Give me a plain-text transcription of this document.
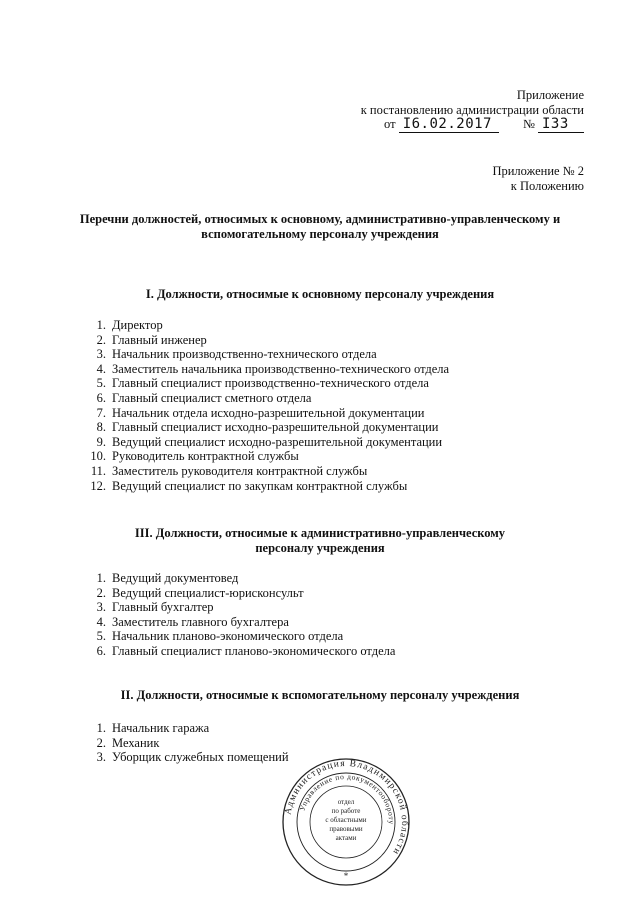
Приложение
к постановлению администрации области
от I6.02.2017 № I33
Приложение № 2
к Положению
Перечни должностей, относимых к основному, административно-управленческому и
вспомогательному персоналу учреждения
I. Должности, относимые к основному персоналу учреждения
1. Директор
2. Главный инженер
3. Начальник производственно-технического отдела
4. Заместитель начальника производственно-технического отдела
5. Главный специалист производственно-технического отдела
6. Главный специалист сметного отдела
7. Начальник отдела исходно-разрешительной документации
8. Главный специалист исходно-разрешительной документации
9. Ведущий специалист исходно-разрешительной документации
10. Руководитель контрактной службы
11. Заместитель руководителя контрактной службы
12. Ведущий специалист по закупкам контрактной службы
III. Должности, относимые к административно-управленческому
персоналу учреждения
1. Ведущий документовед
2. Ведущий специалист-юрисконсульт
3. Главный бухгалтер
4. Заместитель главного бухгалтера
5. Начальник планово-экономического отдела
6. Главный специалист планово-экономического отдела
II. Должности, относимые к вспомогательному персоналу учреждения
1. Начальник гаража
2. Механик
3. Уборщик служебных помещений
Администрация Владимирской области
Управление по документообороту
отдел
по работе
с областными
правовыми
актами
*
